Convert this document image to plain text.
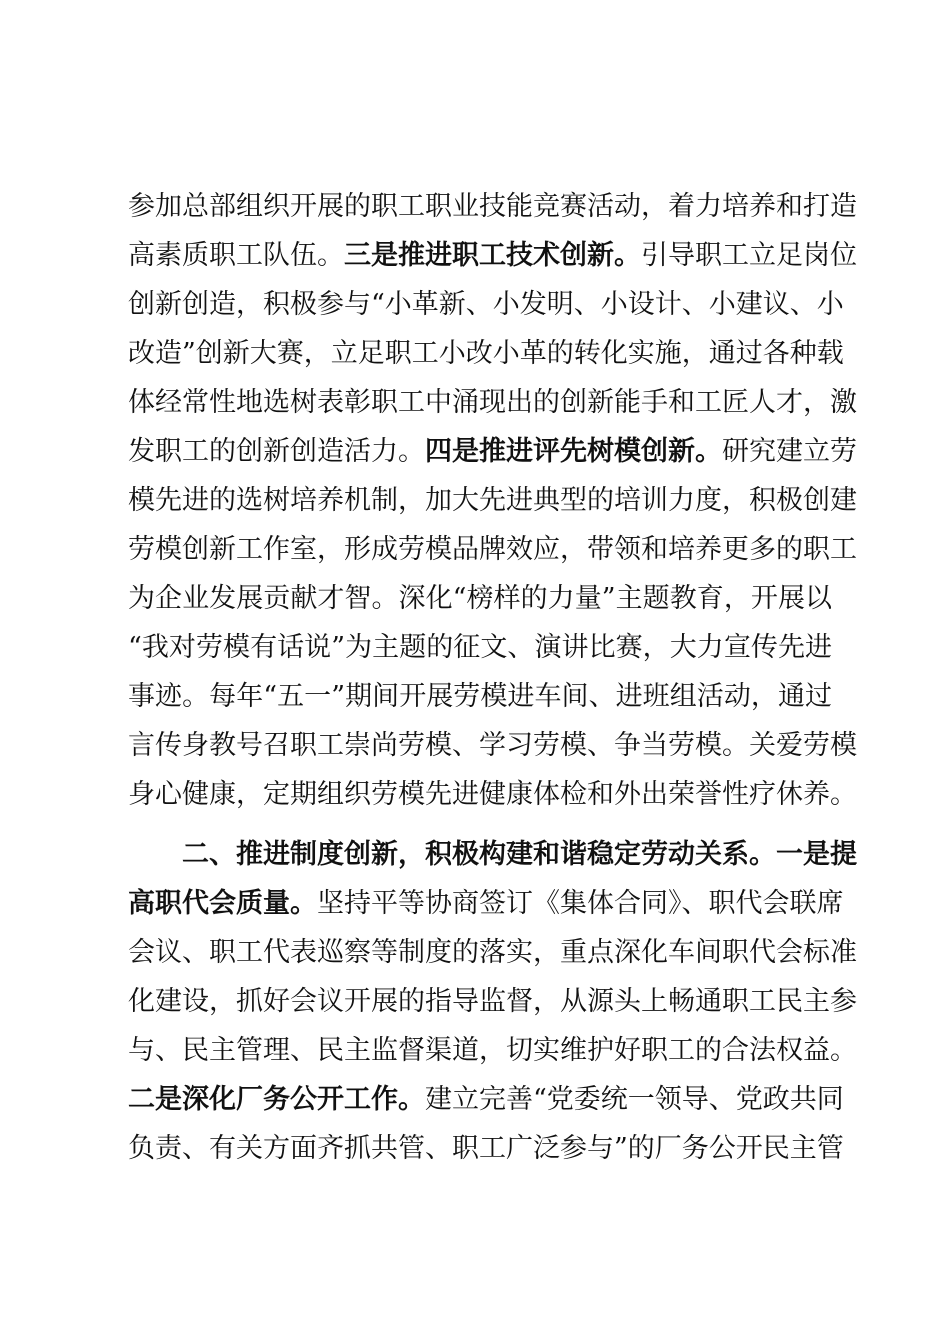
参加总部组织开展的职工职业技能竞赛活动，着力培养和打造
高素质职工队伍。三是推进职工技术创新。引导职工立足岗位
创新创造，积极参与“小革新、小发明、小设计、小建议、小
改造”创新大赛，立足职工小改小革的转化实施，通过各种载
体经常性地选树表彰职工中涌现出的创新能手和工匠人才，激
发职工的创新创造活力。四是推进评先树模创新。研究建立劳
模先进的选树培养机制，加大先进典型的培训力度，积极创建
劳模创新工作室，形成劳模品牌效应，带领和培养更多的职工
为企业发展贡献才智。深化“榜样的力量”主题教育，开展以
“我对劳模有话说”为主题的征文、演讲比赛，大力宣传先进
事迹。每年“五一”期间开展劳模进车间、进班组活动，通过
言传身教号召职工崇尚劳模、学习劳模、争当劳模。关爱劳模
身心健康，定期组织劳模先进健康体检和外出荣誉性疗休养。
二、推进制度创新，积极构建和谐稳定劳动关系。一是提
高职代会质量。坚持平等协商签订《集体合同》、职代会联席
会议、职工代表巡察等制度的落实，重点深化车间职代会标准
化建设，抓好会议开展的指导监督，从源头上畅通职工民主参
与、民主管理、民主监督渠道，切实维护好职工的合法权益。
二是深化厂务公开工作。建立完善“党委统一领导、党政共同
负责、有关方面齐抓共管、职工广泛参与”的厂务公开民主管
